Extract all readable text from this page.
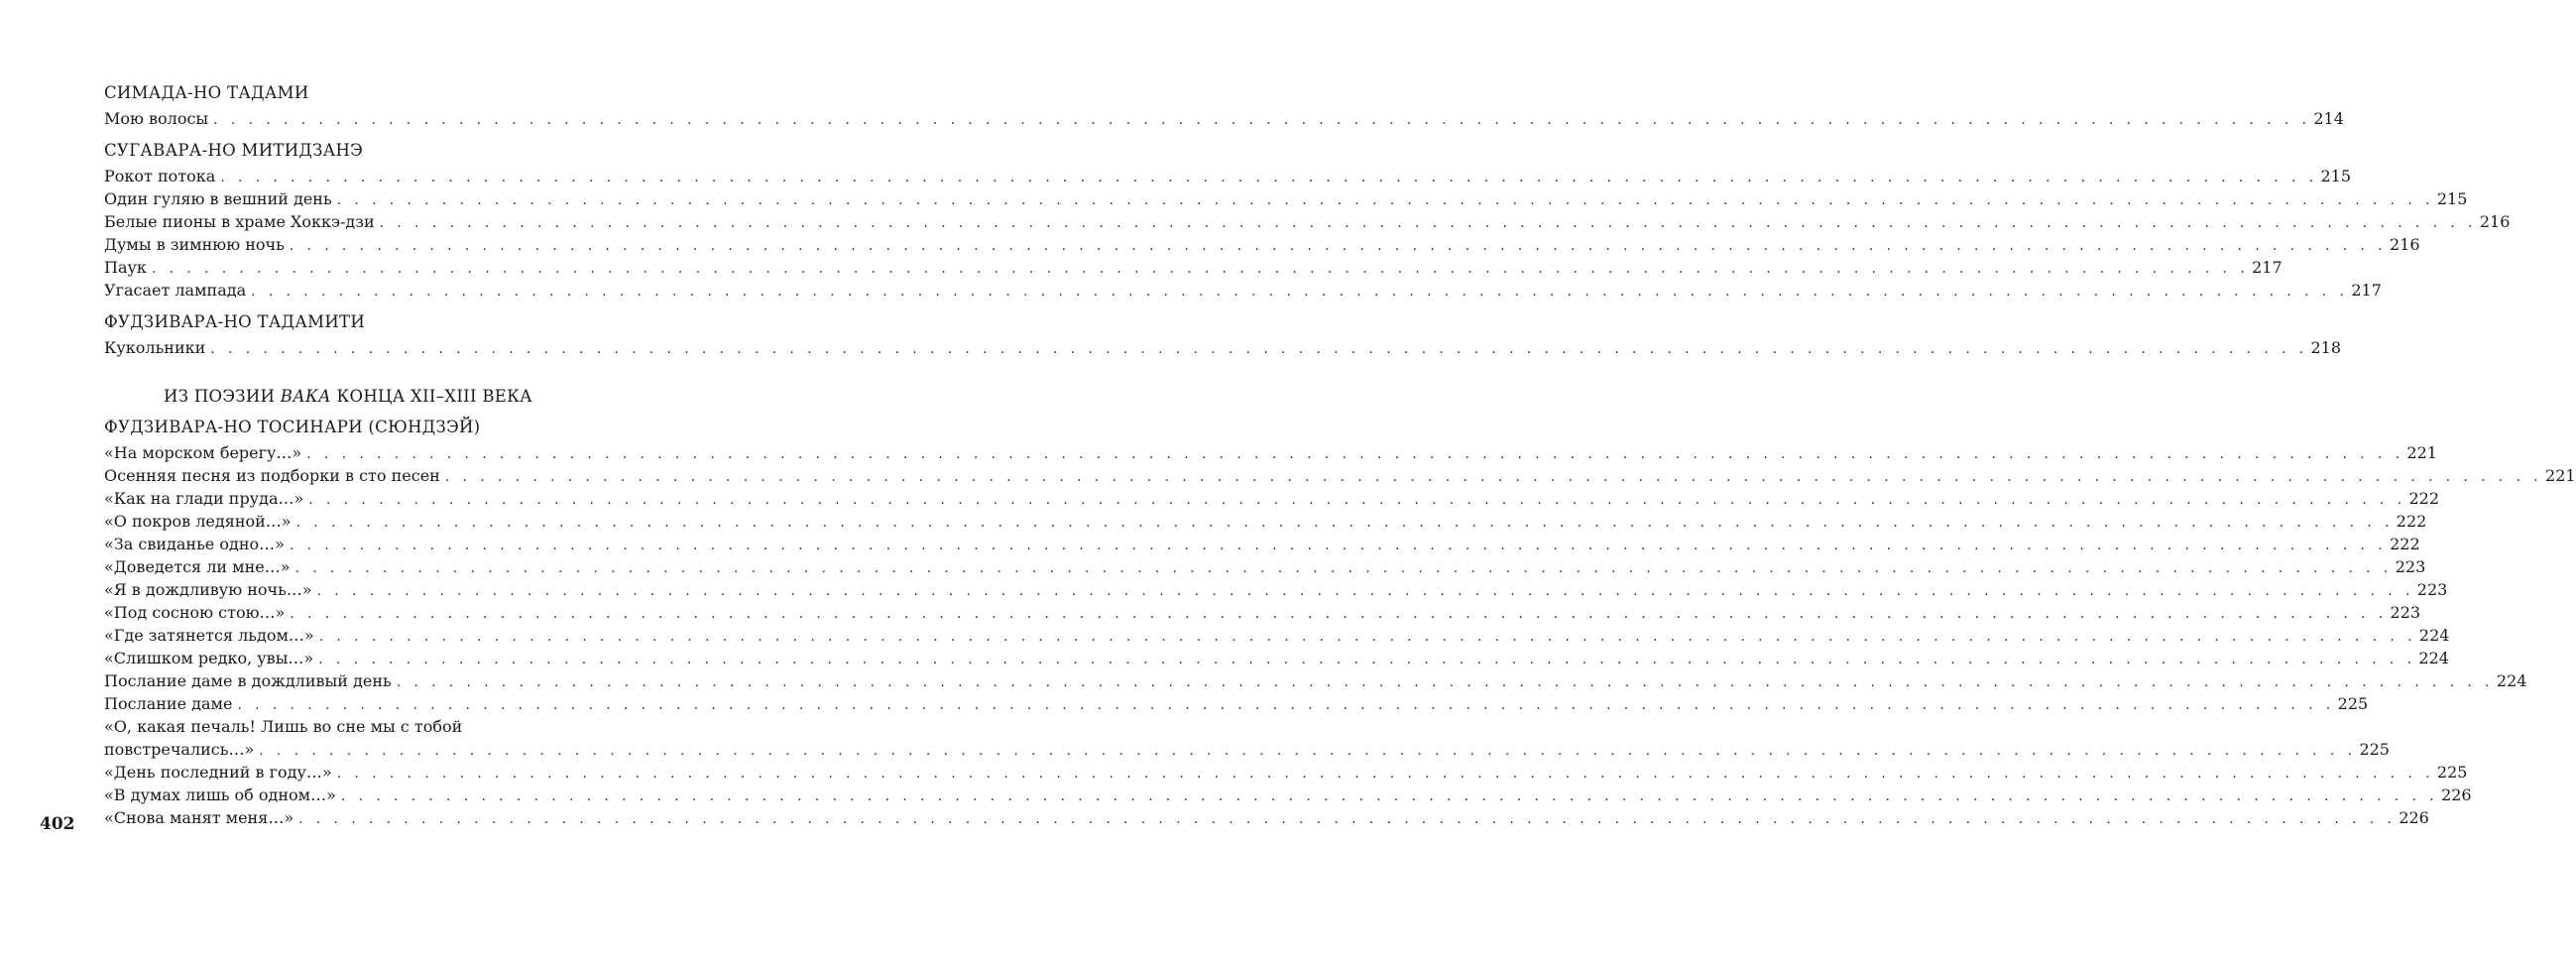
СИМАДА-НО ТАДАМИ
Мою волосы . . . . . . . . . . . . . . . . . . . . . . . . . . . . . . . . . . . . . . . . . . . . . . . . . . . . . . . . . . . . . . . . . . . . . . . . . . . . . . . . . . . . . . . . . . . . . . . . . . . . . . . . . . . . . . . . . . . . . . . . 214
СУГАВАРА-НО МИТИДЗАНЭ
Рокот потока . . . . . . . . . . . . . . . . . . . . . . . . . . . . . . . . . . . . . . . . . . . . . . . . . . . . . . . . . . . . . . . . . . . . . . . . . . . . . . . . . . . . . . . . . . . . . . . . . . . . . . . . . . . . . . . . . . . . . . . . 215
Один гуляю в вешний день . . . . . . . . . . . . . . . . . . . . . . . . . . . . . . . . . . . . . . . . . . . . . . . . . . . . . . . . . . . . . . . . . . . . . . . . . . . . . . . . . . . . . . . . . . . . . . . . . . . . . . . . . . . . . . . . . . . . . . . . 215
Белые пионы в храме Хоккэ-дзи . . . . . . . . . . . . . . . . . . . . . . . . . . . . . . . . . . . . . . . . . . . . . . . . . . . . . . . . . . . . . . . . . . . . . . . . . . . . . . . . . . . . . . . . . . . . . . . . . . . . . . . . . . . . . . . . . . . . . . . . 216
Думы в зимнюю ночь . . . . . . . . . . . . . . . . . . . . . . . . . . . . . . . . . . . . . . . . . . . . . . . . . . . . . . . . . . . . . . . . . . . . . . . . . . . . . . . . . . . . . . . . . . . . . . . . . . . . . . . . . . . . . . . . . . . . . . . . 216
Паук . . . . . . . . . . . . . . . . . . . . . . . . . . . . . . . . . . . . . . . . . . . . . . . . . . . . . . . . . . . . . . . . . . . . . . . . . . . . . . . . . . . . . . . . . . . . . . . . . . . . . . . . . . . . . . . . . . . . . . . . 217
Угасает лампада . . . . . . . . . . . . . . . . . . . . . . . . . . . . . . . . . . . . . . . . . . . . . . . . . . . . . . . . . . . . . . . . . . . . . . . . . . . . . . . . . . . . . . . . . . . . . . . . . . . . . . . . . . . . . . . . . . . . . . . . 217
ФУДЗИВАРА-НО ТАДАМИТИ
Кукольники . . . . . . . . . . . . . . . . . . . . . . . . . . . . . . . . . . . . . . . . . . . . . . . . . . . . . . . . . . . . . . . . . . . . . . . . . . . . . . . . . . . . . . . . . . . . . . . . . . . . . . . . . . . . . . . . . . . . . . . . 218
ИЗ ПОЭЗИИ ВАКА КОНЦА XII–XIII ВЕКА
ФУДЗИВАРА-НО ТОСИНАРИ (СЮНДЗЭЙ)
«На морском берегу…» . . . . . . . . . . . . . . . . . . . . . . . . . . . . . . . . . . . . . . . . . . . . . . . . . . . . . . . . . . . . . . . . . . . . . . . . . . . . . . . . . . . . . . . . . . . . . . . . . . . . . . . . . . . . . . . . . . . . . . . . 221
Осенняя песня из подборки в сто песен . . . . . . . . . . . . . . . . . . . . . . . . . . . . . . . . . . . . . . . . . . . . . . . . . . . . . . . . . . . . . . . . . . . . . . . . . . . . . . . . . . . . . . . . . . . . . . . . . . . . . . . . . . . . . . . . . . . . . . . . 221
«Как на глади пруда…» . . . . . . . . . . . . . . . . . . . . . . . . . . . . . . . . . . . . . . . . . . . . . . . . . . . . . . . . . . . . . . . . . . . . . . . . . . . . . . . . . . . . . . . . . . . . . . . . . . . . . . . . . . . . . . . . . . . . . . . . 222
«О покров ледяной…» . . . . . . . . . . . . . . . . . . . . . . . . . . . . . . . . . . . . . . . . . . . . . . . . . . . . . . . . . . . . . . . . . . . . . . . . . . . . . . . . . . . . . . . . . . . . . . . . . . . . . . . . . . . . . . . . . . . . . . . . 222
«За свиданье одно…» . . . . . . . . . . . . . . . . . . . . . . . . . . . . . . . . . . . . . . . . . . . . . . . . . . . . . . . . . . . . . . . . . . . . . . . . . . . . . . . . . . . . . . . . . . . . . . . . . . . . . . . . . . . . . . . . . . . . . . . . 222
«Доведется ли мне…» . . . . . . . . . . . . . . . . . . . . . . . . . . . . . . . . . . . . . . . . . . . . . . . . . . . . . . . . . . . . . . . . . . . . . . . . . . . . . . . . . . . . . . . . . . . . . . . . . . . . . . . . . . . . . . . . . . . . . . . . 223
«Я в дождливую ночь…» . . . . . . . . . . . . . . . . . . . . . . . . . . . . . . . . . . . . . . . . . . . . . . . . . . . . . . . . . . . . . . . . . . . . . . . . . . . . . . . . . . . . . . . . . . . . . . . . . . . . . . . . . . . . . . . . . . . . . . . . 223
«Под сосною стою…» . . . . . . . . . . . . . . . . . . . . . . . . . . . . . . . . . . . . . . . . . . . . . . . . . . . . . . . . . . . . . . . . . . . . . . . . . . . . . . . . . . . . . . . . . . . . . . . . . . . . . . . . . . . . . . . . . . . . . . . . 223
«Где затянется льдом…» . . . . . . . . . . . . . . . . . . . . . . . . . . . . . . . . . . . . . . . . . . . . . . . . . . . . . . . . . . . . . . . . . . . . . . . . . . . . . . . . . . . . . . . . . . . . . . . . . . . . . . . . . . . . . . . . . . . . . . . . 224
«Слишком редко, увы…» . . . . . . . . . . . . . . . . . . . . . . . . . . . . . . . . . . . . . . . . . . . . . . . . . . . . . . . . . . . . . . . . . . . . . . . . . . . . . . . . . . . . . . . . . . . . . . . . . . . . . . . . . . . . . . . . . . . . . . . . 224
Послание даме в дождливый день . . . . . . . . . . . . . . . . . . . . . . . . . . . . . . . . . . . . . . . . . . . . . . . . . . . . . . . . . . . . . . . . . . . . . . . . . . . . . . . . . . . . . . . . . . . . . . . . . . . . . . . . . . . . . . . . . . . . . . . . 224
Послание даме . . . . . . . . . . . . . . . . . . . . . . . . . . . . . . . . . . . . . . . . . . . . . . . . . . . . . . . . . . . . . . . . . . . . . . . . . . . . . . . . . . . . . . . . . . . . . . . . . . . . . . . . . . . . . . . . . . . . . . . . 225
«О, какая печаль! Лишь во сне мы с тобой
повстречались…» . . . . . . . . . . . . . . . . . . . . . . . . . . . . . . . . . . . . . . . . . . . . . . . . . . . . . . . . . . . . . . . . . . . . . . . . . . . . . . . . . . . . . . . . . . . . . . . . . . . . . . . . . . . . . . . . . . . . . . . . 225
«День последний в году…» . . . . . . . . . . . . . . . . . . . . . . . . . . . . . . . . . . . . . . . . . . . . . . . . . . . . . . . . . . . . . . . . . . . . . . . . . . . . . . . . . . . . . . . . . . . . . . . . . . . . . . . . . . . . . . . . . . . . . . . . 225
«В думах лишь об одном…» . . . . . . . . . . . . . . . . . . . . . . . . . . . . . . . . . . . . . . . . . . . . . . . . . . . . . . . . . . . . . . . . . . . . . . . . . . . . . . . . . . . . . . . . . . . . . . . . . . . . . . . . . . . . . . . . . . . . . . . . 226
«Снова манят меня…» . . . . . . . . . . . . . . . . . . . . . . . . . . . . . . . . . . . . . . . . . . . . . . . . . . . . . . . . . . . . . . . . . . . . . . . . . . . . . . . . . . . . . . . . . . . . . . . . . . . . . . . . . . . . . . . . . . . . . . . . 226
402
